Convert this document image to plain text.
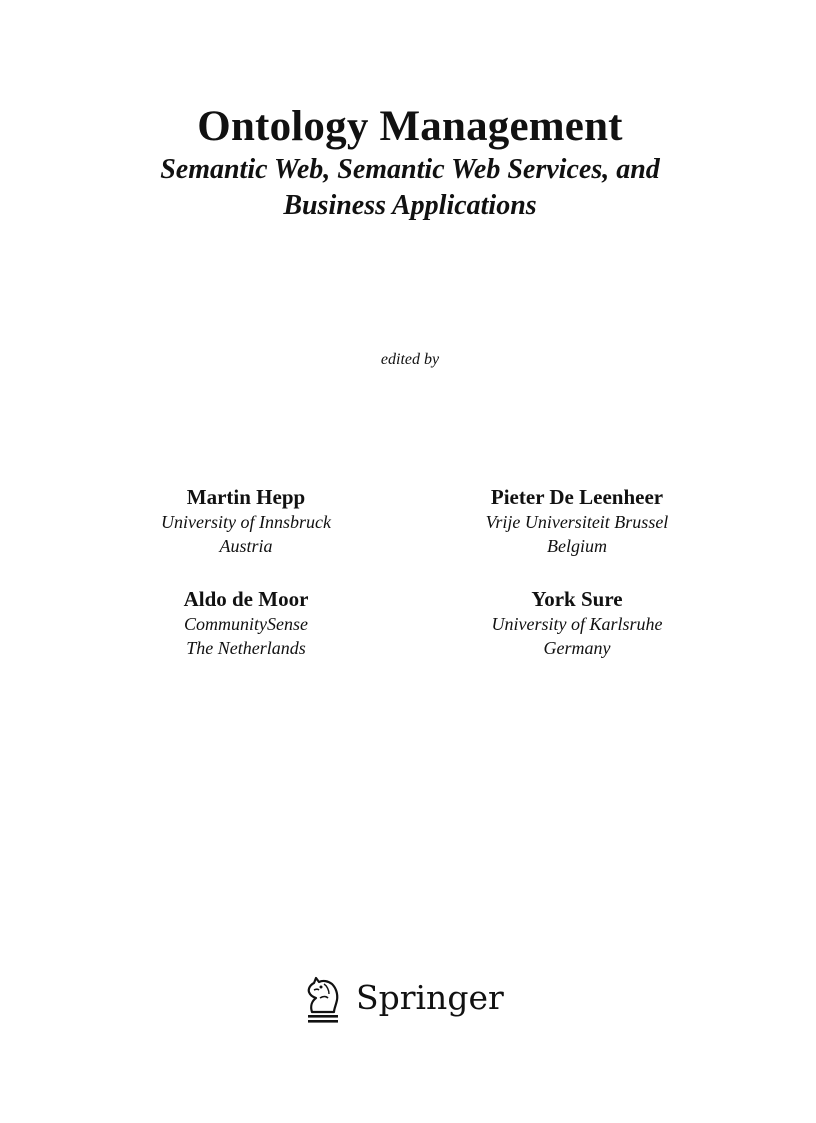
Ontology Management
Semantic Web, Semantic Web Services, and
Business Applications
edited by

Martin Hepp

University of Innsbruck

Austria

Pieter De Leenheer

Vrije Universiteit Brussel

Belgium

Aldo de Moor

CommunitySense

The Netherlands

York Sure

University of Karlsruhe

Germany

Springer
